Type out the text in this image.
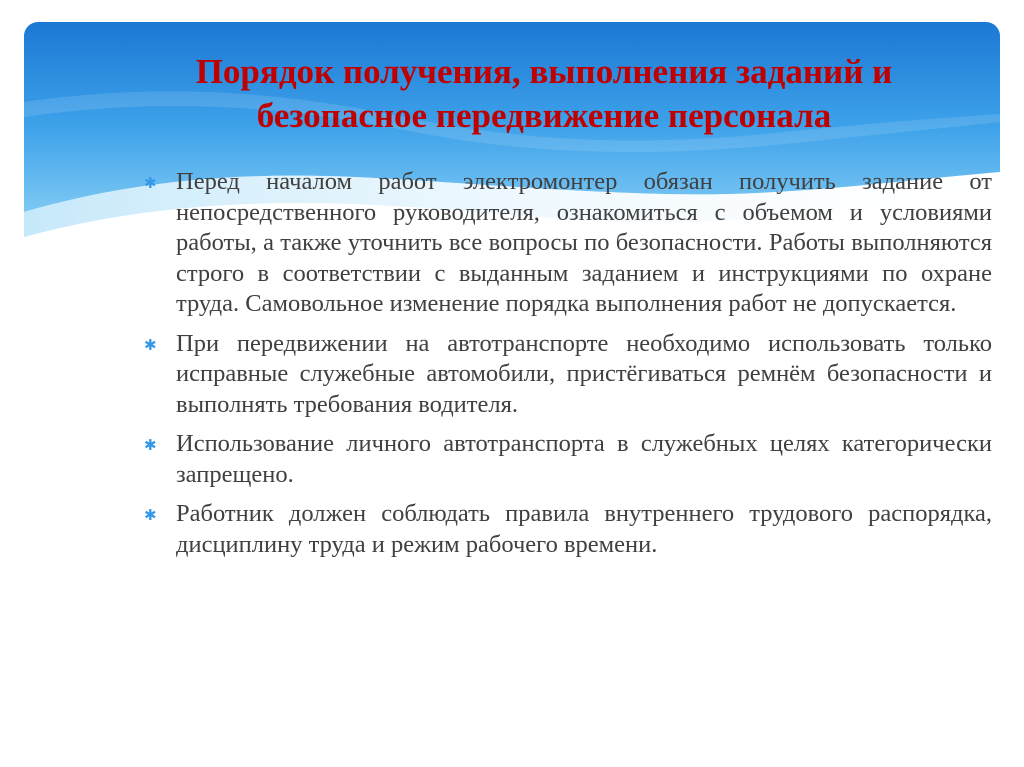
Порядок получения, выполнения заданий и
безопасное передвижение персонала
✱ Перед началом работ электромонтер обязан получить задание от непосредственного руководителя, ознакомиться с объемом и условиями работы, а также уточнить все вопросы по безопасности. Работы выполняются строго в соответствии с выданным заданием и инструкциями по охране труда. Самовольное изменение порядка выполнения работ не допускается.
✱ При передвижении на автотранспорте необходимо использовать только исправные служебные автомобили, пристёгиваться ремнём безопасности и выполнять требования водителя.
✱ Использование личного автотранспорта в служебных целях категорически запрещено.
✱ Работник должен соблюдать правила внутреннего трудового распорядка, дисциплину труда и режим рабочего времени.
